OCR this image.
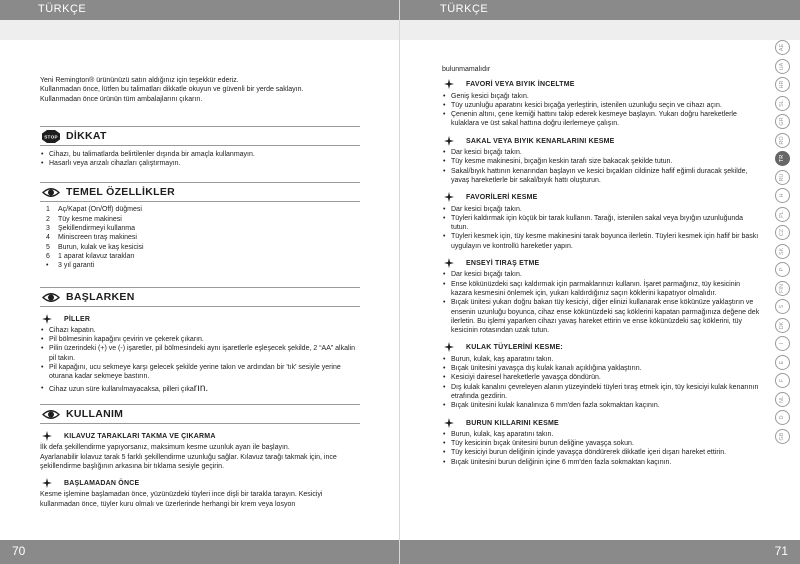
TÜRKÇE

Yeni Remington® ürününüzü satın aldığınız için teşekkür ederiz.

Kullanmadan önce, lütfen bu talimatları dikkatle okuyun ve güvenli bir yerde saklayın.

Kullanmadan önce ürünün tüm ambalajlarını çıkarın.

STOP DİKKAT
• Cihazı, bu talimatlarda belirtilenler dışında bir amaçla kullanmayın.
• Hasarlı veya arızalı cihazları çalıştırmayın.
TEMEL ÖZELLİKLER
1 Aç/Kapat (On/Off) düğmesi
2 Tüy kesme makinesi
3 Şekillendirmeyi kullanma
4 Miniscreen tıraş makinesi
5 Burun, kulak ve kaş kesicisi
6 1 aparat kılavuz tarakları
• 3 yıl garanti
BAŞLARKEN
PİLLER
• Cihazı kapatın.
• Pil bölmesinin kapağını çevirin ve çekerek çıkarın.
• Pilin üzerindeki (+) ve (-) işaretler, pil bölmesindeki aynı işaretlerle eşleşecek şekilde, 2 “AA” alkalin pil takın.
• Pil kapağını, ucu sekmeye karşı gelecek şekilde yerine takın ve ardından bir 'tık' sesiyle yerine oturana kadar sekmeye bastırın.
• Cihaz uzun süre kullanılmayacaksa, pilleri çıkarın.
KULLANIM
KILAVUZ TARAKLARI TAKMA VE ÇIKARMA

İlk defa şekillendirme yapıyorsanız, maksimum kesme uzunluk ayarı ile başlayın.

Ayarlanabilir kılavuz tarak 5 farklı şekillendirme uzunluğu sağlar. Kılavuz tarağı takmak için, ince şekillendirme başlığının arkasına bir tıklama sesiyle geçirin.

BAŞLAMADAN ÖNCE

Kesme işlemine başlamadan önce, yüzünüzdeki tüyleri ince dişli bir tarakla tarayın. Kesiciyi kullanmadan önce, tüyler kuru olmalı ve üzerlerinde herhangi bir krem veya losyon

70
TÜRKÇE

bulunmamalıdır

FAVORİ VEYA BIYIK İNCELTME
• Geniş kesici bıçağı takın.
• Tüy uzunluğu aparatını kesici bıçağa yerleştirin, istenilen uzunluğu seçin ve cihazı açın.
• Çenenin altını, çene kemiği hattını takip ederek kesmeye başlayın. Yukarı doğru hareketlerle kulaklara ve üst sakal hattına doğru ilerlemeye çalışın.
SAKAL VEYA BIYIK KENARLARINI KESME
• Dar kesici bıçağı takın.
• Tüy kesme makinesini, bıçağın keskin tarafı size bakacak şekilde tutun.
• Sakal/bıyık hattının kenarından başlayın ve kesici bıçakları cildinize hafif eğimli duracak şekilde, yavaş hareketlerle bir sakal/bıyık hattı oluşturun.
FAVORİLERİ KESME
• Dar kesici bıçağı takın.
• Tüyleri kaldırmak için küçük bir tarak kullanın. Tarağı, istenilen sakal veya bıyığın uzunluğunda tutun.
• Tüyleri kesmek için, tüy kesme makinesini tarak boyunca ilerletin. Tüyleri kesmek için hafif bir baskı uygulayın ve kontrollü hareketler yapın.
ENSEYİ TIRAŞ ETME
• Dar kesici bıçağı takın.
• Ense kökünüzdeki saçı kaldırmak için parmaklarınızı kullanın. İşaret parmağınız, tüy kesicinin kazara kesmesini önlemek için, yukarı kaldırdığınız saçın köklerini kapatıyor olmalıdır.
• Bıçak ünitesi yukarı doğru bakan tüy kesiciyi, diğer elinizi kullanarak ense kökünüze yaklaştırın ve ensenin uzunluğu boyunca, cihaz ense kökünüzdeki saç köklerini kapatan parmağınıza değene dek ilerletin. Bu işlemi yaparken cihazı yavaş hareket ettirin ve ense kökünüzdeki saç köklerini, tüy kesicinin rotasından uzak tutun.
KULAK TÜYLERİNİ KESME:
• Burun, kulak, kaş aparatını takın.
• Bıçak ünitesini yavaşça dış kulak kanalı açıklığına yaklaştırın.
• Kesiciyi dairesel hareketlerle yavaşça döndürün.
• Dış kulak kanalını çevreleyen alanın yüzeyindeki tüyleri tıraş etmek için, tüy kesiciyi kulak kenarının etrafında gezdirin.
• Bıçak ünitesini kulak kanalınıza 6 mm'den fazla sokmaktan kaçının.
BURUN KILLARINI KESME
• Burun, kulak, kaş aparatını takın.
• Tüy kesicinin bıçak ünitesini burun deliğine yavaşça sokun.
• Tüy kesiciyi burun deliğinin içinde yavaşça döndürerek dikkatle içeri dışarı hareket ettirin.
• Bıçak ünitesini burun deliğinin içine 6 mm'den fazla sokmaktan kaçının.
AE
UA
HR
SL
GR
RO
TR
RU
H
PL
CZ
SK
P
FIN
S
DK
I
E
F
NL
D
GB
71
